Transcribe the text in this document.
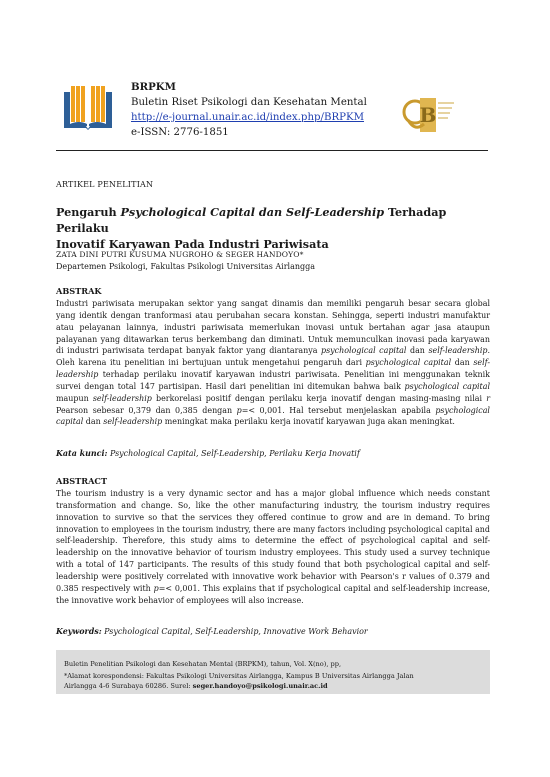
BRPKM
Buletin Riset Psikologi dan Kesehatan Mental
http://e-journal.unair.ac.id/index.php/BRPKM
e-ISSN: 2776-1851
B
ARTIKEL PENELITIAN
Pengaruh Psychological Capital dan Self-Leadership Terhadap Perilaku
Inovatif Karyawan Pada Industri Pariwisata
ZATA DINI PUTRI KUSUMA NUGROHO & SEGER HANDOYO*
Departemen Psikologi, Fakultas Psikologi Universitas Airlangga
ABSTRAK
Industri pariwisata merupakan sektor yang sangat dinamis dan memiliki pengaruh besar secara global yang identik dengan tranformasi atau perubahan secara konstan. Sehingga, seperti industri manufaktur atau pelayanan lainnya, industri pariwisata memerlukan inovasi untuk bertahan agar jasa ataupun palayanan yang ditawarkan terus berkembang dan diminati. Untuk memunculkan inovasi pada karyawan di industri pariwisata terdapat banyak faktor yang diantaranya psychological capital dan self-leadership. Oleh karena itu penelitian ini bertujuan untuk mengetahui pengaruh dari psychological capital dan self-leadership terhadap perilaku inovatif karyawan industri pariwisata. Penelitian ini menggunakan teknik survei dengan total 147 partisipan. Hasil dari penelitian ini ditemukan bahwa baik psychological capital maupun self-leadership berkorelasi positif dengan perilaku kerja inovatif dengan masing-masing nilai r Pearson sebesar 0,379 dan 0,385 dengan p=< 0,001. Hal tersebut menjelaskan apabila psychological capital dan self-leadership meningkat maka perilaku kerja inovatif karyawan juga akan meningkat.
Kata kunci: Psychological Capital, Self-Leadership, Perilaku Kerja Inovatif
ABSTRACT
The tourism industry is a very dynamic sector and has a major global influence which needs constant transformation and change. So, like the other manufacturing industry, the tourism industry requires innovation to survive so that the services they offered continue to grow and are in demand. To bring innovation to employees in the tourism industry, there are many factors including psychological capital and self-leadership. Therefore, this study aims to determine the effect of psychological capital and self-leadership on the innovative behavior of tourism industry employees. This study used a survey technique with a total of 147 participants. The results of this study found that both psychological capital and self-leadership were positively correlated with innovative work behavior with Pearson's r values of 0.379 and 0.385 respectively with p=< 0,001. This explains that if psychological capital and self-leadership increase, the innovative work behavior of employees will also increase.
Keywords: Psychological Capital, Self-Leadership, Innovative Work Behavior
Buletin Penelitian Psikologi dan Kesehatan Mental (BRPKM), tahun, Vol. X(no), pp,
*Alamat korespondensi: Fakultas Psikologi Universitas Airlangga, Kampus B Universitas Airlangga Jalan
Airlangga 4-6 Surabaya 60286. Surel: seger.handoyo@psikologi.unair.ac.id
